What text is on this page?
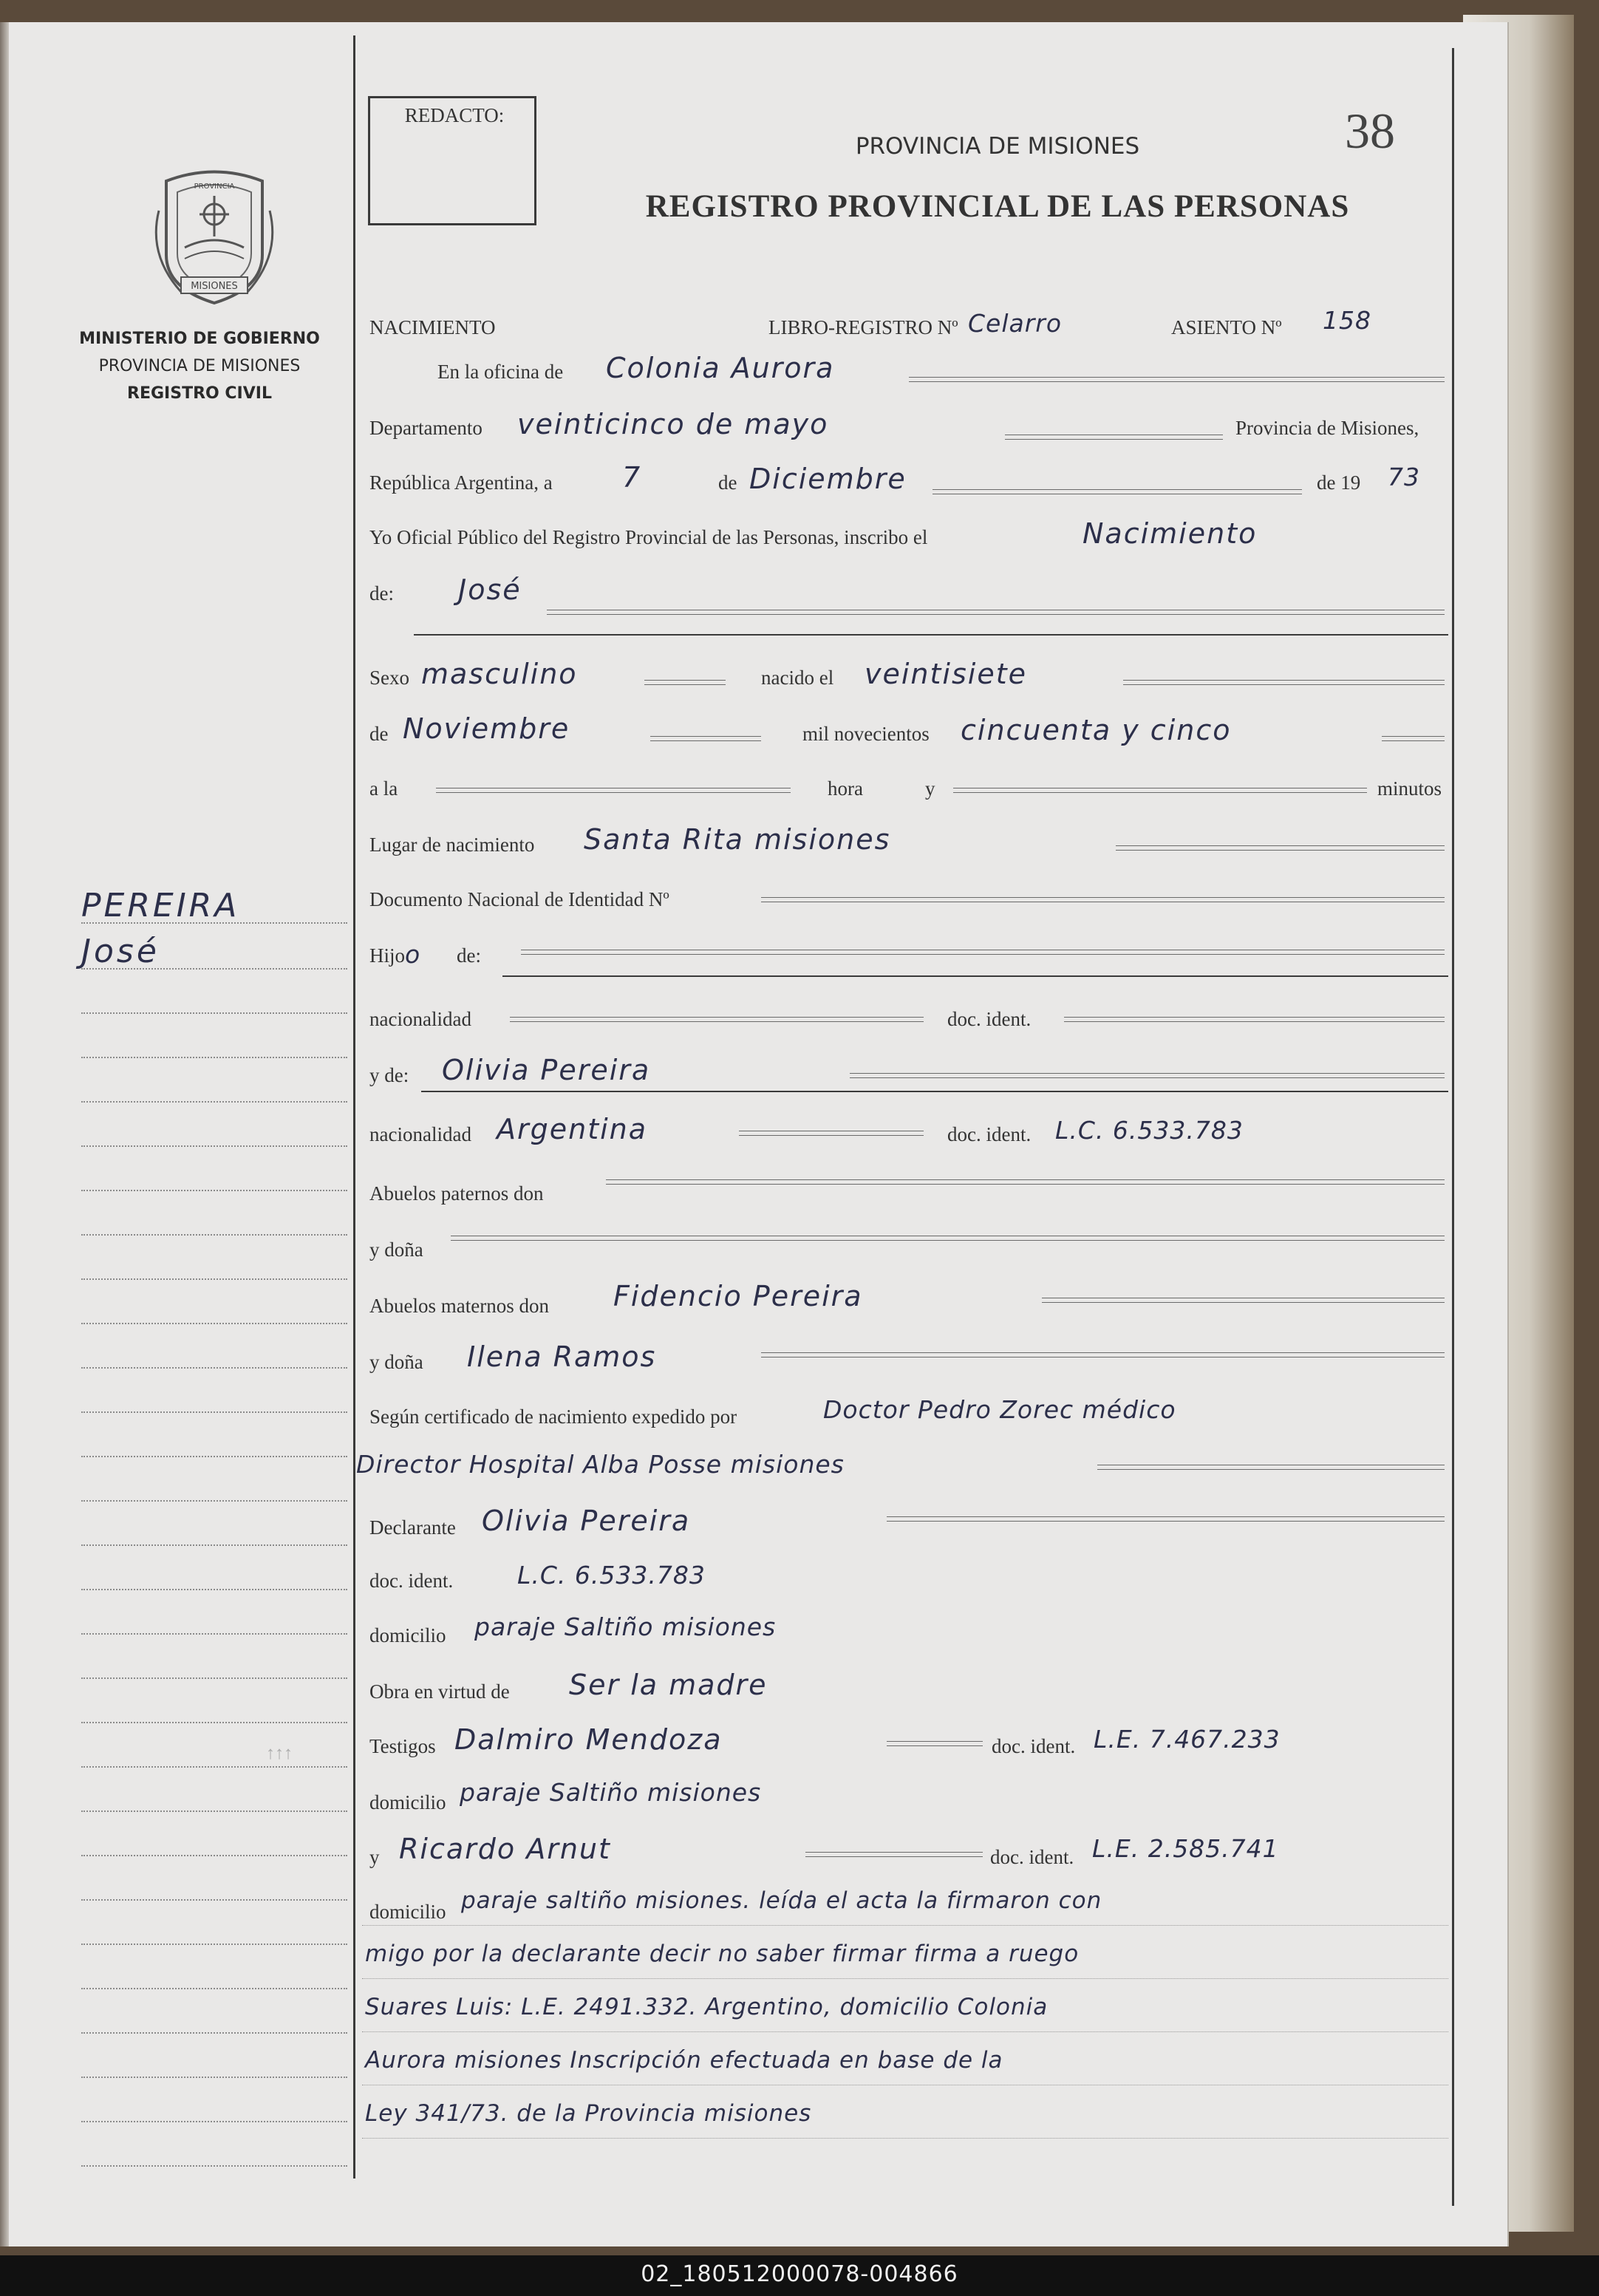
MISIONES
PROVINCIA
MINISTERIO DE GOBIERNO
PROVINCIA DE MISIONES
REGISTRO CIVIL
REDACTO:	38
PROVINCIA DE MISIONES
REGISTRO PROVINCIAL DE LAS PERSONAS
PEREIRA
José
↑↑↑
NACIMIENTO	LIBRO-REGISTRO Nº Celarro	ASIENTO Nº 158
En la oficina de Colonia Aurora
Departamento veinticinco de mayo	Provincia de Misiones,
República Argentina, a 7	de Diciembre	de 19 73
Yo Oficial Público del Registro Provincial de las Personas, inscribo el	Nacimiento
de: José
Sexo masculino	nacido el veintisiete
de Noviembre	mil novecientos cincuenta y cinco
a la	hora	y	minutos
Lugar de nacimiento Santa Rita misiones
Documento Nacional de Identidad Nº
Hijo o de:
nacionalidad	doc. ident.
y de: Olivia Pereira
nacionalidad Argentina	doc. ident. L.C. 6.533.783
Abuelos paternos don
y doña
Abuelos maternos don Fidencio Pereira
y doña Ilena Ramos
Según certificado de nacimiento expedido por	Doctor Pedro Zorec médico
Director Hospital Alba Posse misiones
Declarante Olivia Pereira
doc. ident.	L.C. 6.533.783
domicilio paraje Saltiño misiones
Obra en virtud de Ser la madre
Testigos Dalmiro Mendoza	doc. ident. L.E. 7.467.233
domicilio paraje Saltiño misiones
y Ricardo Arnut	doc. ident. L.E. 2.585.741
domicilio paraje saltiño misiones. leída el acta la firmaron con
migo por la declarante decir no saber firmar firma a ruego
Suares Luis: L.E. 2491.332. Argentino, domicilio Colonia
Aurora misiones Inscripción efectuada en base de la
Ley 341/73. de la Provincia misiones
02_180512000078-004866
